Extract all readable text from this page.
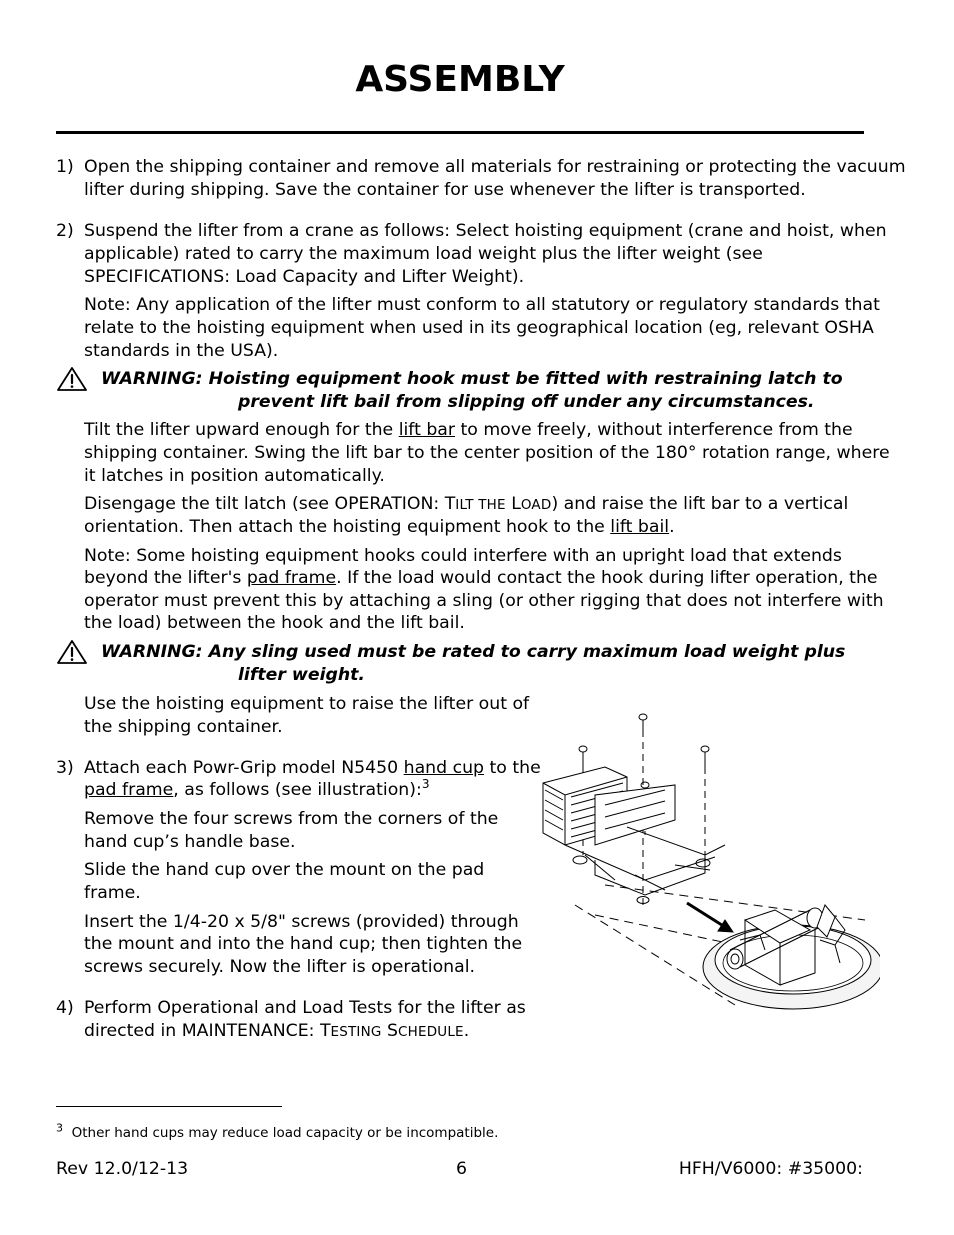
ASSEMBLY
1) Open the shipping container and remove all materials for restraining or protecting the vacuum
lifter during shipping. Save the container for use whenever the lifter is transported.
2) Suspend the lifter from a crane as follows: Select hoisting equipment (crane and hoist, when
applicable) rated to carry the maximum load weight plus the lifter weight (see
SPECIFICATIONS: Load Capacity and Lifter Weight).
Note: Any application of the lifter must conform to all statutory or regulatory standards that
relate to the hoisting equipment when used in its geographical location (eg, relevant OSHA
standards in the USA).
WARNING: Hoisting equipment hook must be fitted with restraining latch to
prevent lift bail from slipping off under any circumstances.
Tilt the lifter upward enough for the lift bar to move freely, without interference from the
shipping container. Swing the lift bar to the center position of the 180° rotation range, where
it latches in position automatically.
Disengage the tilt latch (see OPERATION: TILT THE LOAD) and raise the lift bar to a vertical
orientation. Then attach the hoisting equipment hook to the lift bail.
Note: Some hoisting equipment hooks could interfere with an upright load that extends
beyond the lifter's pad frame. If the load would contact the hook during lifter operation, the
operator must prevent this by attaching a sling (or other rigging that does not interfere with
the load) between the hook and the lift bail.
WARNING: Any sling used must be rated to carry maximum load weight plus
lifter weight.
Use the hoisting equipment to raise the lifter out of
the shipping container.
3) Attach each Powr-Grip model N5450 hand cup to the
pad frame, as follows (see illustration):$^3$
Remove the four screws from the corners of the
hand cup’s handle base.
Slide the hand cup over the mount on the pad
frame.
Insert the 1/4-20 x 5/8" screws (provided) through
the mount and into the hand cup; then tighten the
screws securely. Now the lifter is operational.
4) Perform Operational and Load Tests for the lifter as
directed in MAINTENANCE: TESTING SCHEDULE.
$^3$ Other hand cups may reduce load capacity or be incompatible.
Rev 12.0/12-13	6	HFH/V6000: #35000:
